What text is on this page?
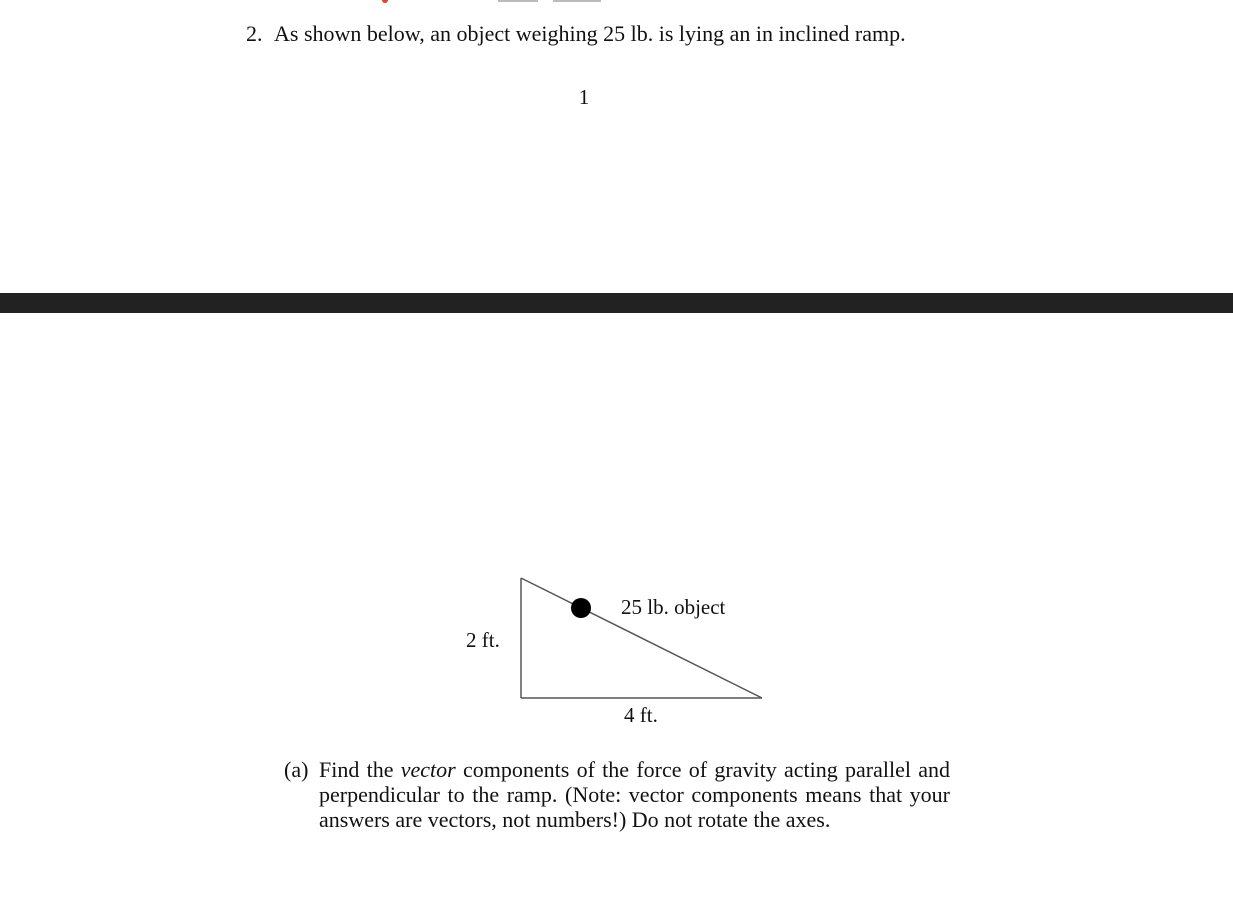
2. As shown below, an object weighing 25 lb. is lying an in inclined ramp.
1
2 ft.
4 ft.
25 lb. object
(a) Find the vector components of the force of gravity acting parallel and perpendicular to the ramp. (Note: vector components means that your answers are vectors, not numbers!) Do not rotate the axes.
